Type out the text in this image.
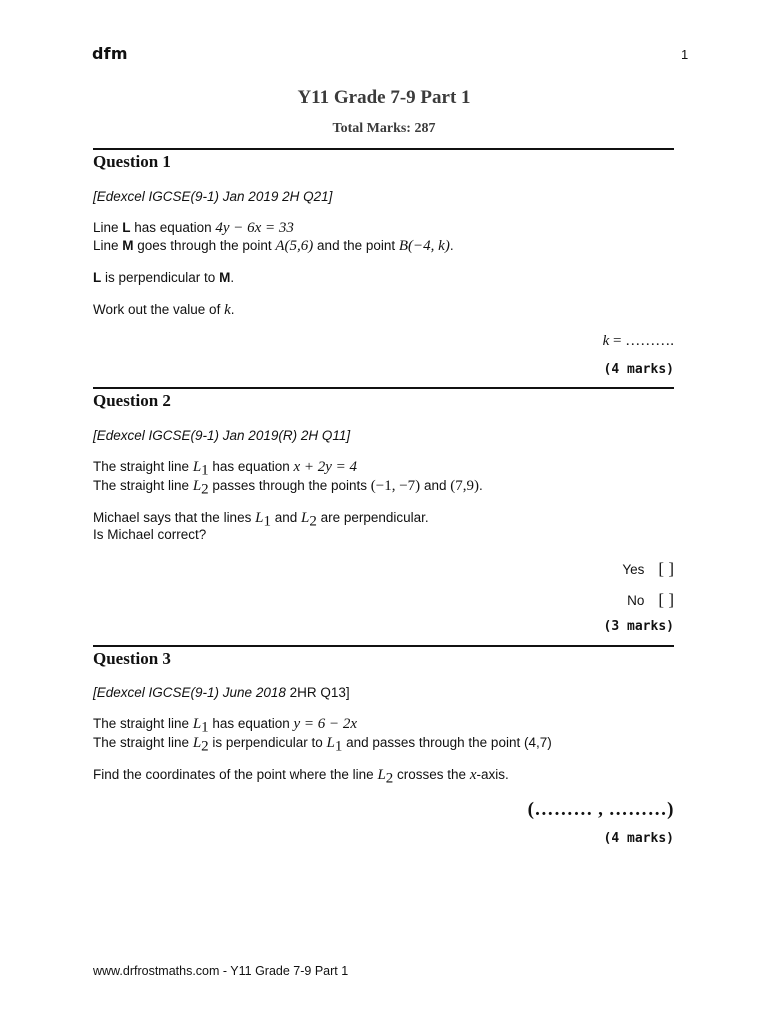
dfm	1
Y11 Grade 7-9 Part 1
Total Marks: 287
Question 1
[Edexcel IGCSE(9-1) Jan 2019 2H Q21]
Line L has equation 4y − 6x = 33
Line M goes through the point A(5,6) and the point B(−4, k).
L is perpendicular to M.
Work out the value of k.
k = ……….
(4 marks)
Question 2
[Edexcel IGCSE(9-1) Jan 2019(R) 2H Q11]
The straight line $L_1$ has equation x + 2y = 4
The straight line $L_2$ passes through the points (−1, −7) and (7,9).
Michael says that the lines $L_1$ and $L_2$ are perpendicular.
Is Michael correct?
Yes [ ]
No [ ]
(3 marks)
Question 3
[Edexcel IGCSE(9-1) June 2018 2HR Q13]
The straight line $L_1$ has equation y = 6 − 2x
The straight line $L_2$ is perpendicular to $L_1$ and passes through the point (4,7)
Find the coordinates of the point where the line $L_2$ crosses the x-axis.
(……… , ………)
(4 marks)
www.drfrostmaths.com - Y11 Grade 7-9 Part 1
